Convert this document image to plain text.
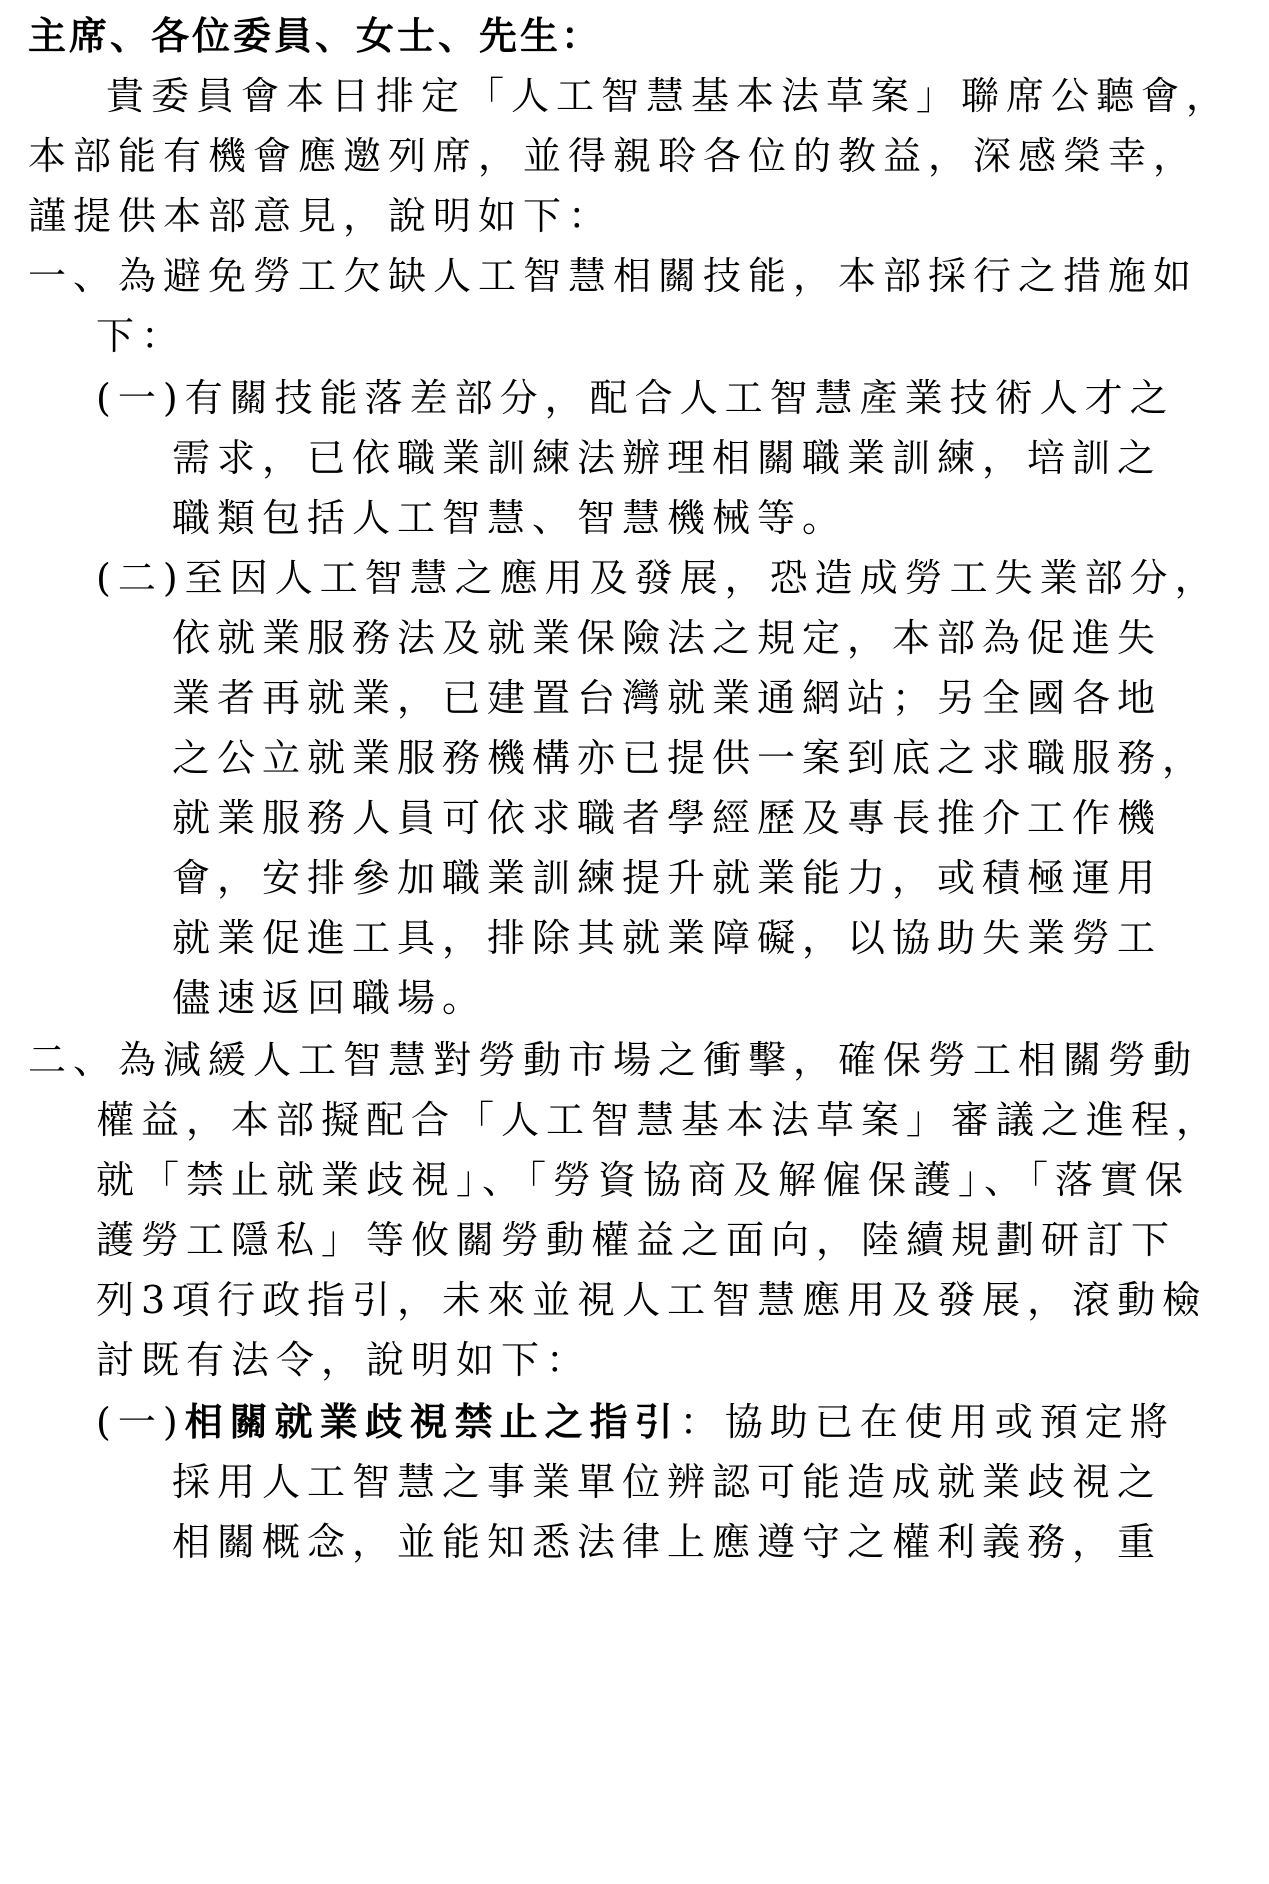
主席、各位委員、女士、先生：
貴委員會本日排定「人工智慧基本法草案」聯席公聽會，
本部能有機會應邀列席，並得親聆各位的教益，深感榮幸，
謹提供本部意見，說明如下：
一、為避免勞工欠缺人工智慧相關技能，本部採行之措施如
下：
(一)有關技能落差部分，配合人工智慧產業技術人才之
需求，已依職業訓練法辦理相關職業訓練，培訓之
職類包括人工智慧、智慧機械等。
(二)至因人工智慧之應用及發展，恐造成勞工失業部分，
依就業服務法及就業保險法之規定，本部為促進失
業者再就業，已建置台灣就業通網站；另全國各地
之公立就業服務機構亦已提供一案到底之求職服務，
就業服務人員可依求職者學經歷及專長推介工作機
會，安排參加職業訓練提升就業能力，或積極運用
就業促進工具，排除其就業障礙，以協助失業勞工
儘速返回職場。
二、為減緩人工智慧對勞動市場之衝擊，確保勞工相關勞動
權益，本部擬配合「人工智慧基本法草案」審議之進程，
就「禁止就業歧視」、「勞資協商及解僱保護」、「落實保
護勞工隱私」等攸關勞動權益之面向，陸續規劃研訂下
列3項行政指引，未來並視人工智慧應用及發展，滾動檢
討既有法令，說明如下：
(一)相關就業歧視禁止之指引：協助已在使用或預定將
採用人工智慧之事業單位辨認可能造成就業歧視之
相關概念，並能知悉法律上應遵守之權利義務，重
